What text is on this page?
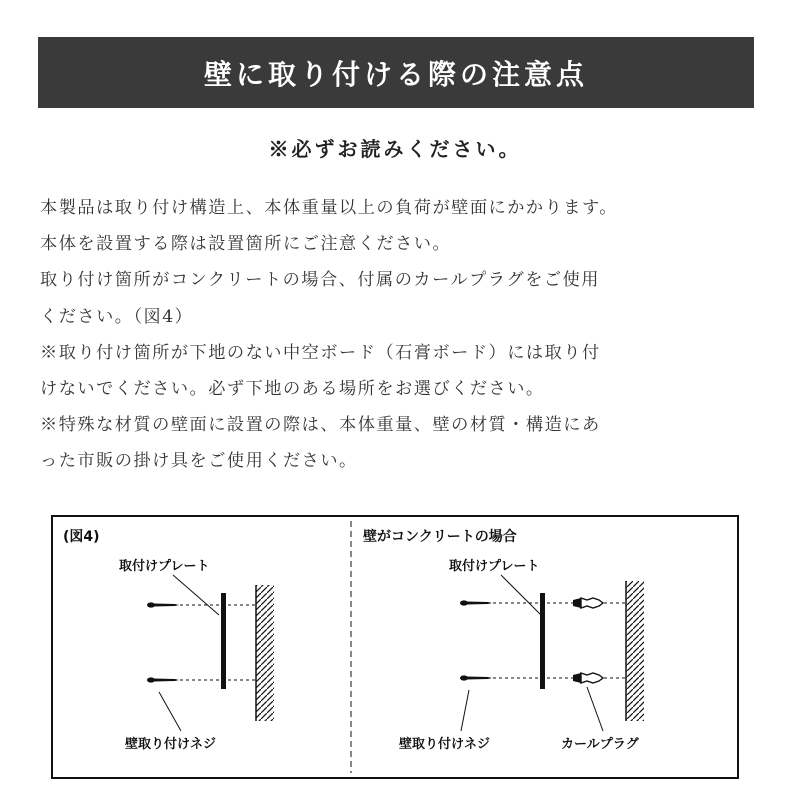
壁に取り付ける際の注意点
※必ずお読みください。
本製品は取り付け構造上、本体重量以上の負荷が壁面にかかります。
本体を設置する際は設置箇所にご注意ください。
取り付け箇所がコンクリートの場合、付属のカールプラグをご使用
ください。（図4）
※取り付け箇所が下地のない中空ボード（石膏ボード）には取り付
けないでください。必ず下地のある場所をお選びください。
※特殊な材質の壁面に設置の際は、本体重量、壁の材質・構造にあ
った市販の掛け具をご使用ください。
(図4)
取付けプレート
壁取り付けネジ
壁がコンクリートの場合
取付けプレート
壁取り付けネジ	カールプラグ
